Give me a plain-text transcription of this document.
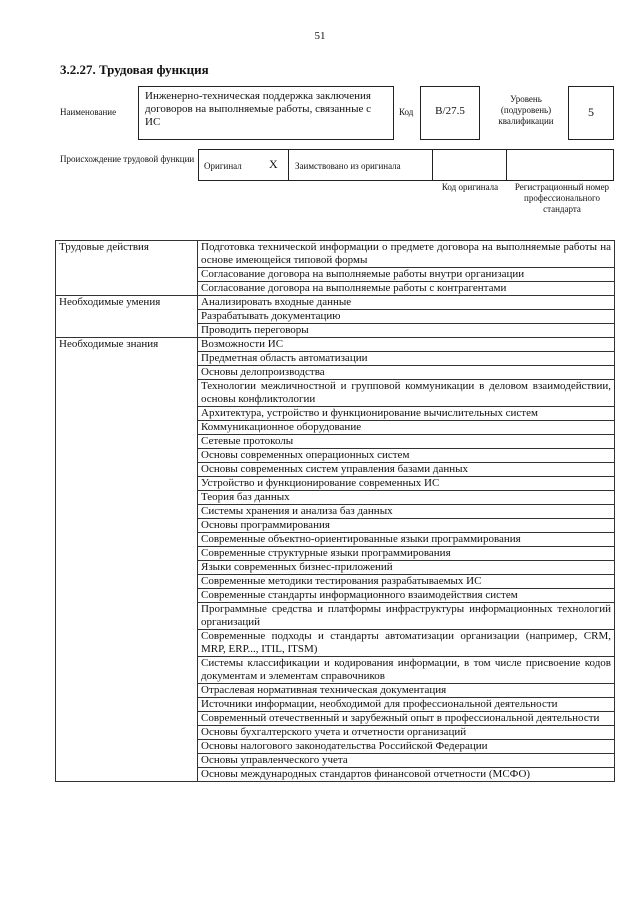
51
3.2.27. Трудовая функция
Наименование
Инженерно-техническая поддержка заключения договоров на выполняемые работы, связанные с ИС
Код	В/27.5
Уровень (подуровень) квалификации
5
Происхождение трудовой функции
Оригинал X Заимствовано из оригинала
Код оригинала	Регистрационный номер профессионального стандарта
Трудовые действия	Подготовка технической информации о предмете договора на выполняемые работы на основе имеющейся типовой формы
	Согласование договора на выполняемые работы внутри организации
	Согласование договора на выполняемые работы с контрагентами
Необходимые умения	Анализировать входные данные
	Разрабатывать документацию
	Проводить переговоры
Необходимые знания	Возможности ИС
	Предметная область автоматизации
	Основы делопроизводства
	Технологии межличностной и групповой коммуникации в деловом взаимодействии, основы конфликтологии
	Архитектура, устройство и функционирование вычислительных систем
	Коммуникационное оборудование
	Сетевые протоколы
	Основы современных операционных систем
	Основы современных систем управления базами данных
	Устройство и функционирование современных ИС
	Теория баз данных
	Системы хранения и анализа баз данных
	Основы программирования
	Современные объектно-ориентированные языки программирования
	Современные структурные языки программирования
	Языки современных бизнес-приложений
	Современные методики тестирования разрабатываемых ИС
	Современные стандарты информационного взаимодействия систем
	Программные средства и платформы инфраструктуры информационных технологий организаций
	Современные подходы и стандарты автоматизации организации (например, CRM, MRP, ERP..., ITIL, ITSM)
	Системы классификации и кодирования информации, в том числе присвоение кодов документам и элементам справочников
	Отраслевая нормативная техническая документация
	Источники информации, необходимой для профессиональной деятельности
	Современный отечественный и зарубежный опыт в профессиональной деятельности
	Основы бухгалтерского учета и отчетности организаций
	Основы налогового законодательства Российской Федерации
	Основы управленческого учета
	Основы международных стандартов финансовой отчетности (МСФО)
